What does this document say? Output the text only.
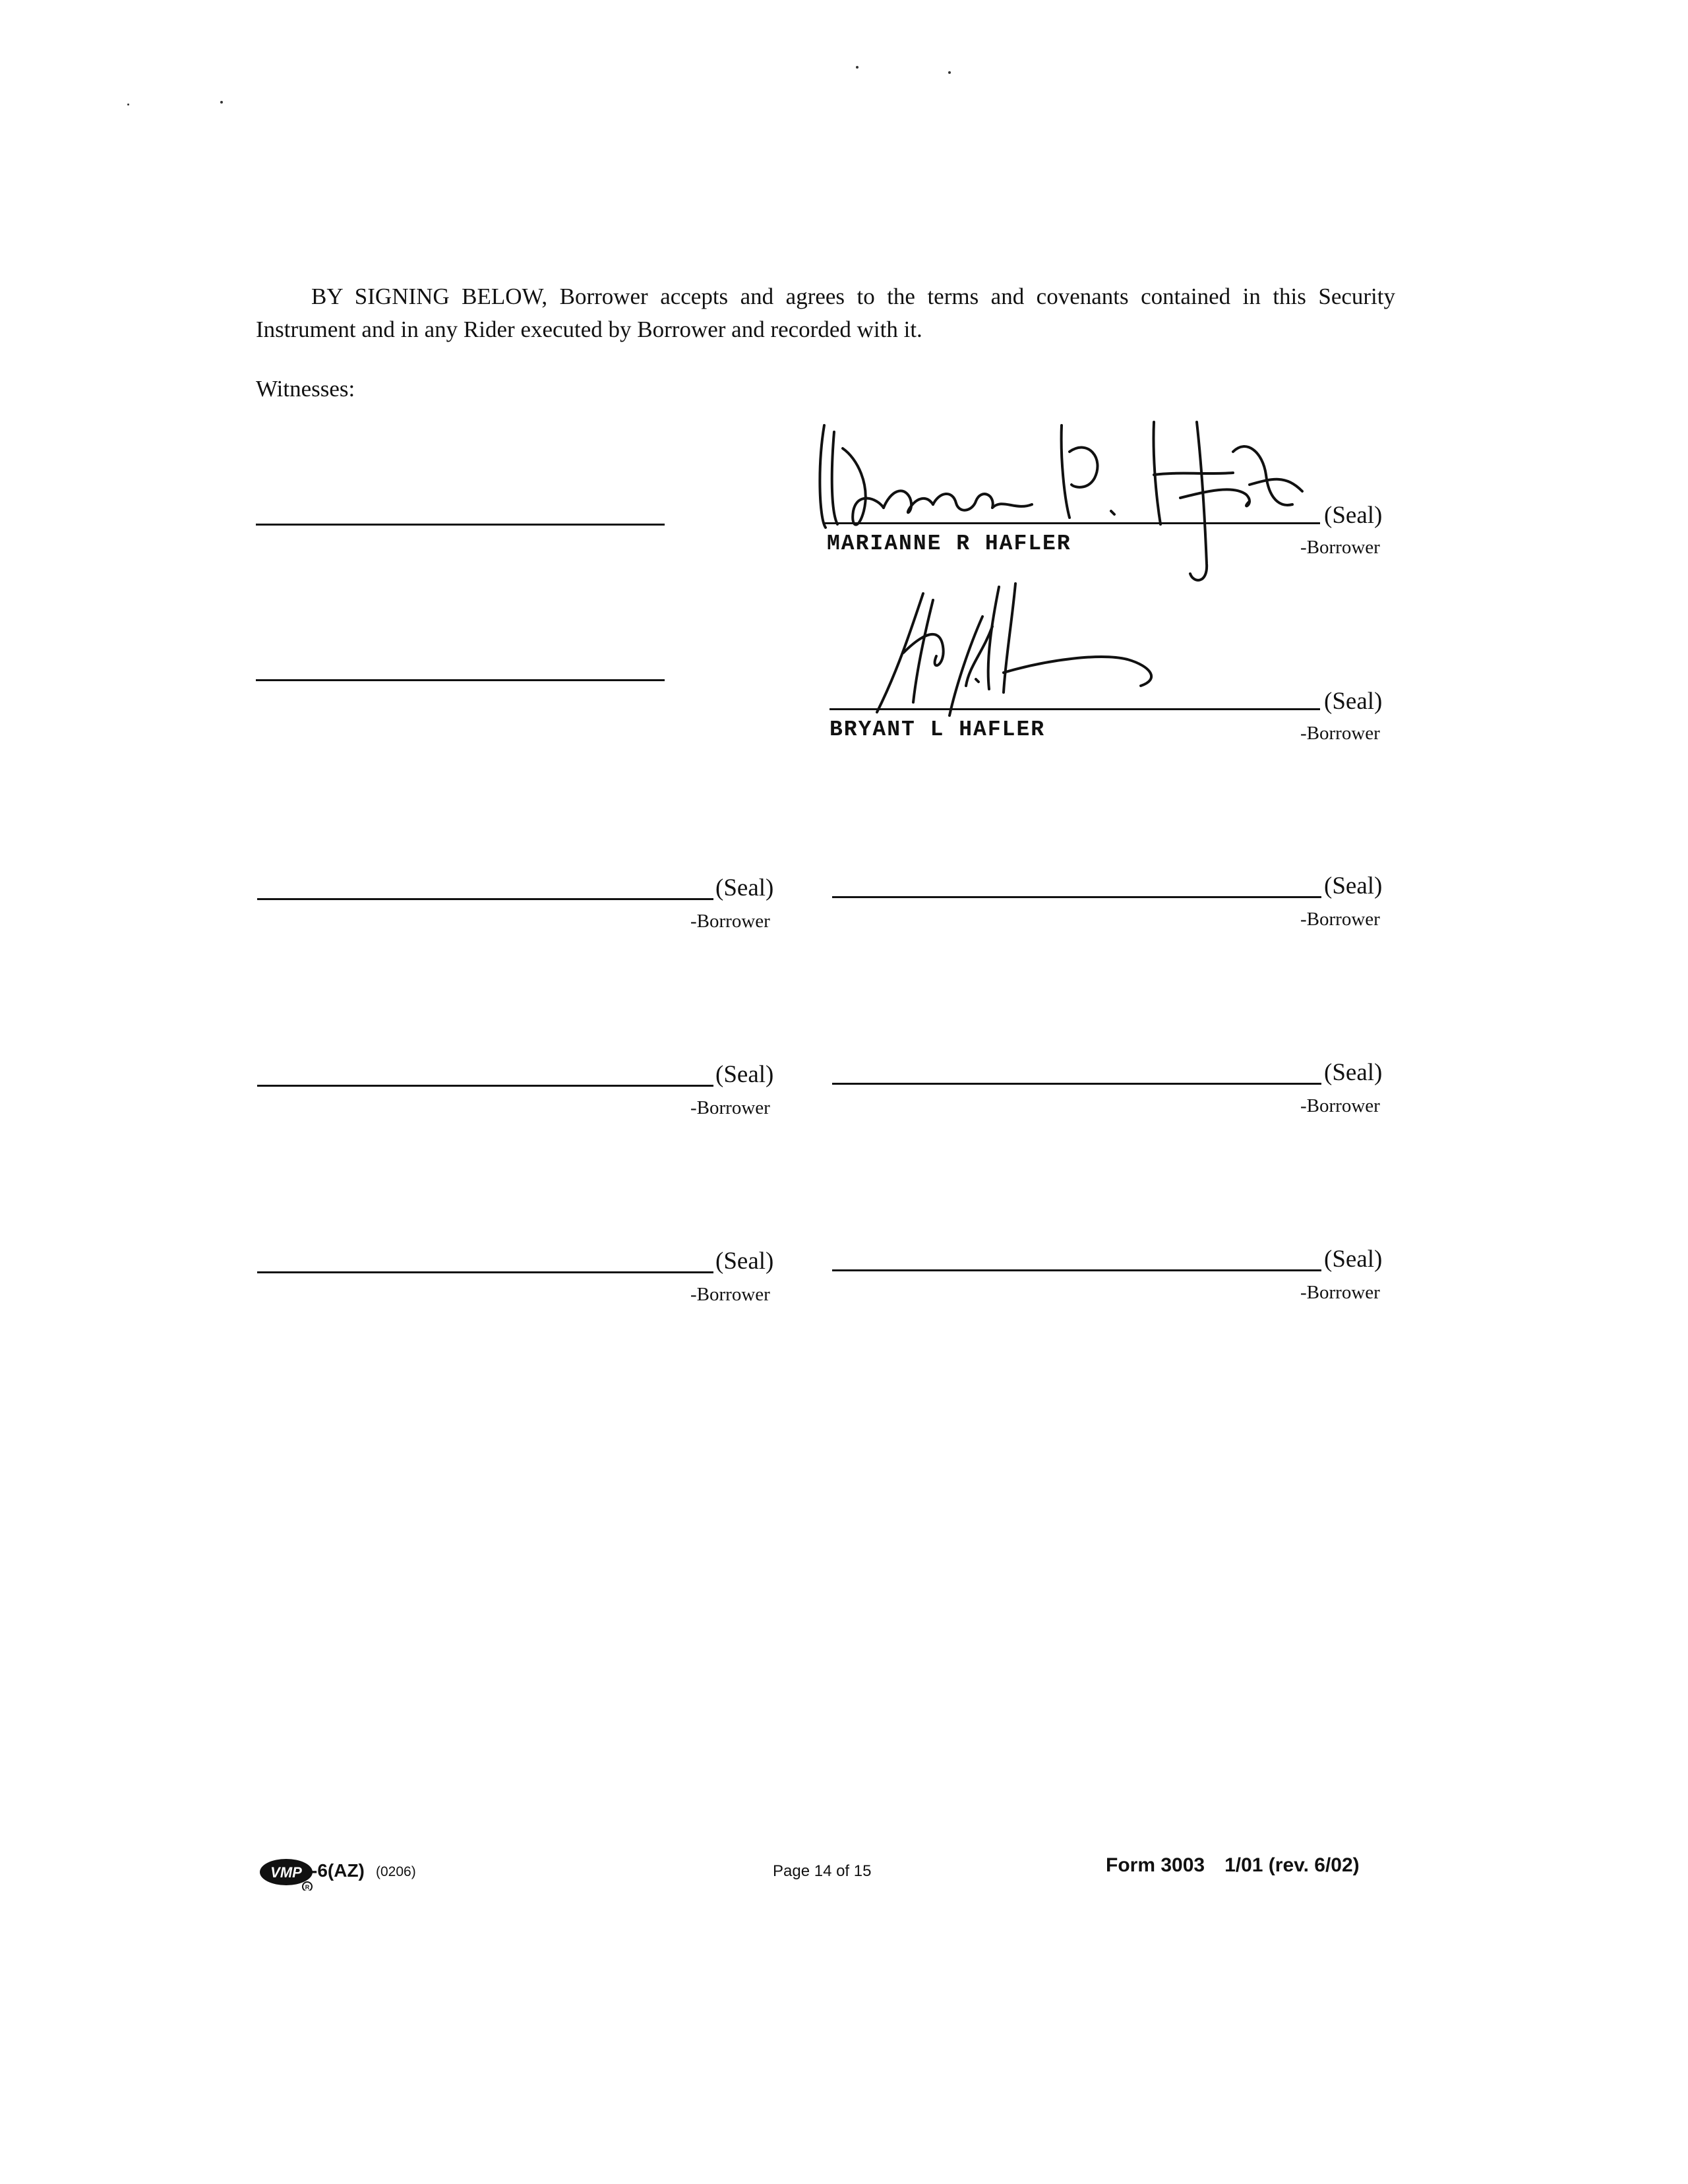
BY SIGNING BELOW, Borrower accepts and agrees to the terms and covenants contained in this Security Instrument and in any Rider executed by Borrower and recorded with it.
Witnesses:
(Seal)
MARIANNE R HAFLER	-Borrower
(Seal)
BRYANT L HAFLER	-Borrower
(Seal)
-Borrower
(Seal)
-Borrower
(Seal)
-Borrower
(Seal)
-Borrower
(Seal)
-Borrower
(Seal)
-Borrower
VMP
R
-6(AZ) (0206)	Page 14 of 15	Form 3003 1/01 (rev. 6/02)
